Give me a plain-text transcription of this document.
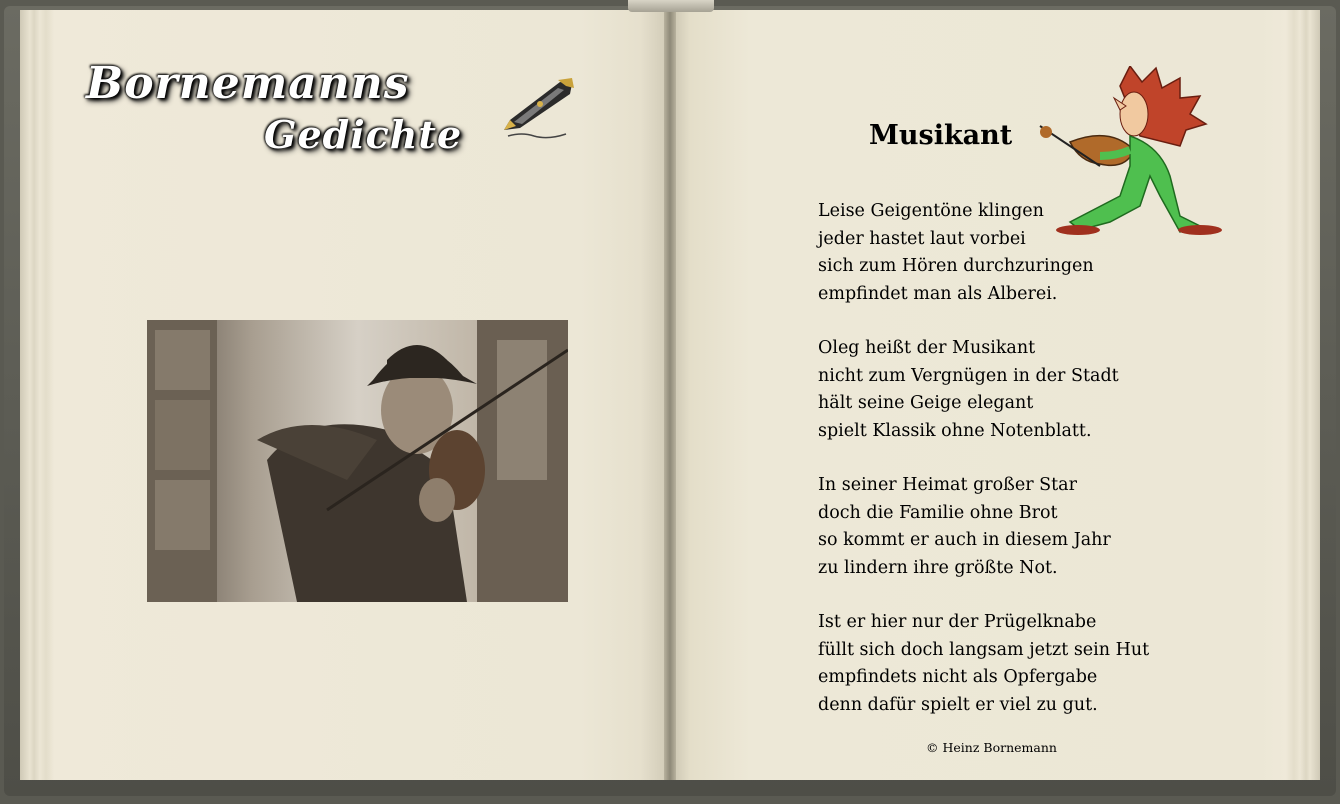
Bornemanns
Gedichte	Musikant
Leise Geigentöne klingen
jeder hastet laut vorbei
sich zum Hören durchzuringen
empfindet man als Alberei.
Oleg heißt der Musikant
nicht zum Vergnügen in der Stadt
hält seine Geige elegant
spielt Klassik ohne Notenblatt.
In seiner Heimat großer Star
doch die Familie ohne Brot
so kommt er auch in diesem Jahr
zu lindern ihre größte Not.
Ist er hier nur der Prügelknabe
füllt sich doch langsam jetzt sein Hut
empfindets nicht als Opfergabe
denn dafür spielt er viel zu gut.
© Heinz Bornemann
